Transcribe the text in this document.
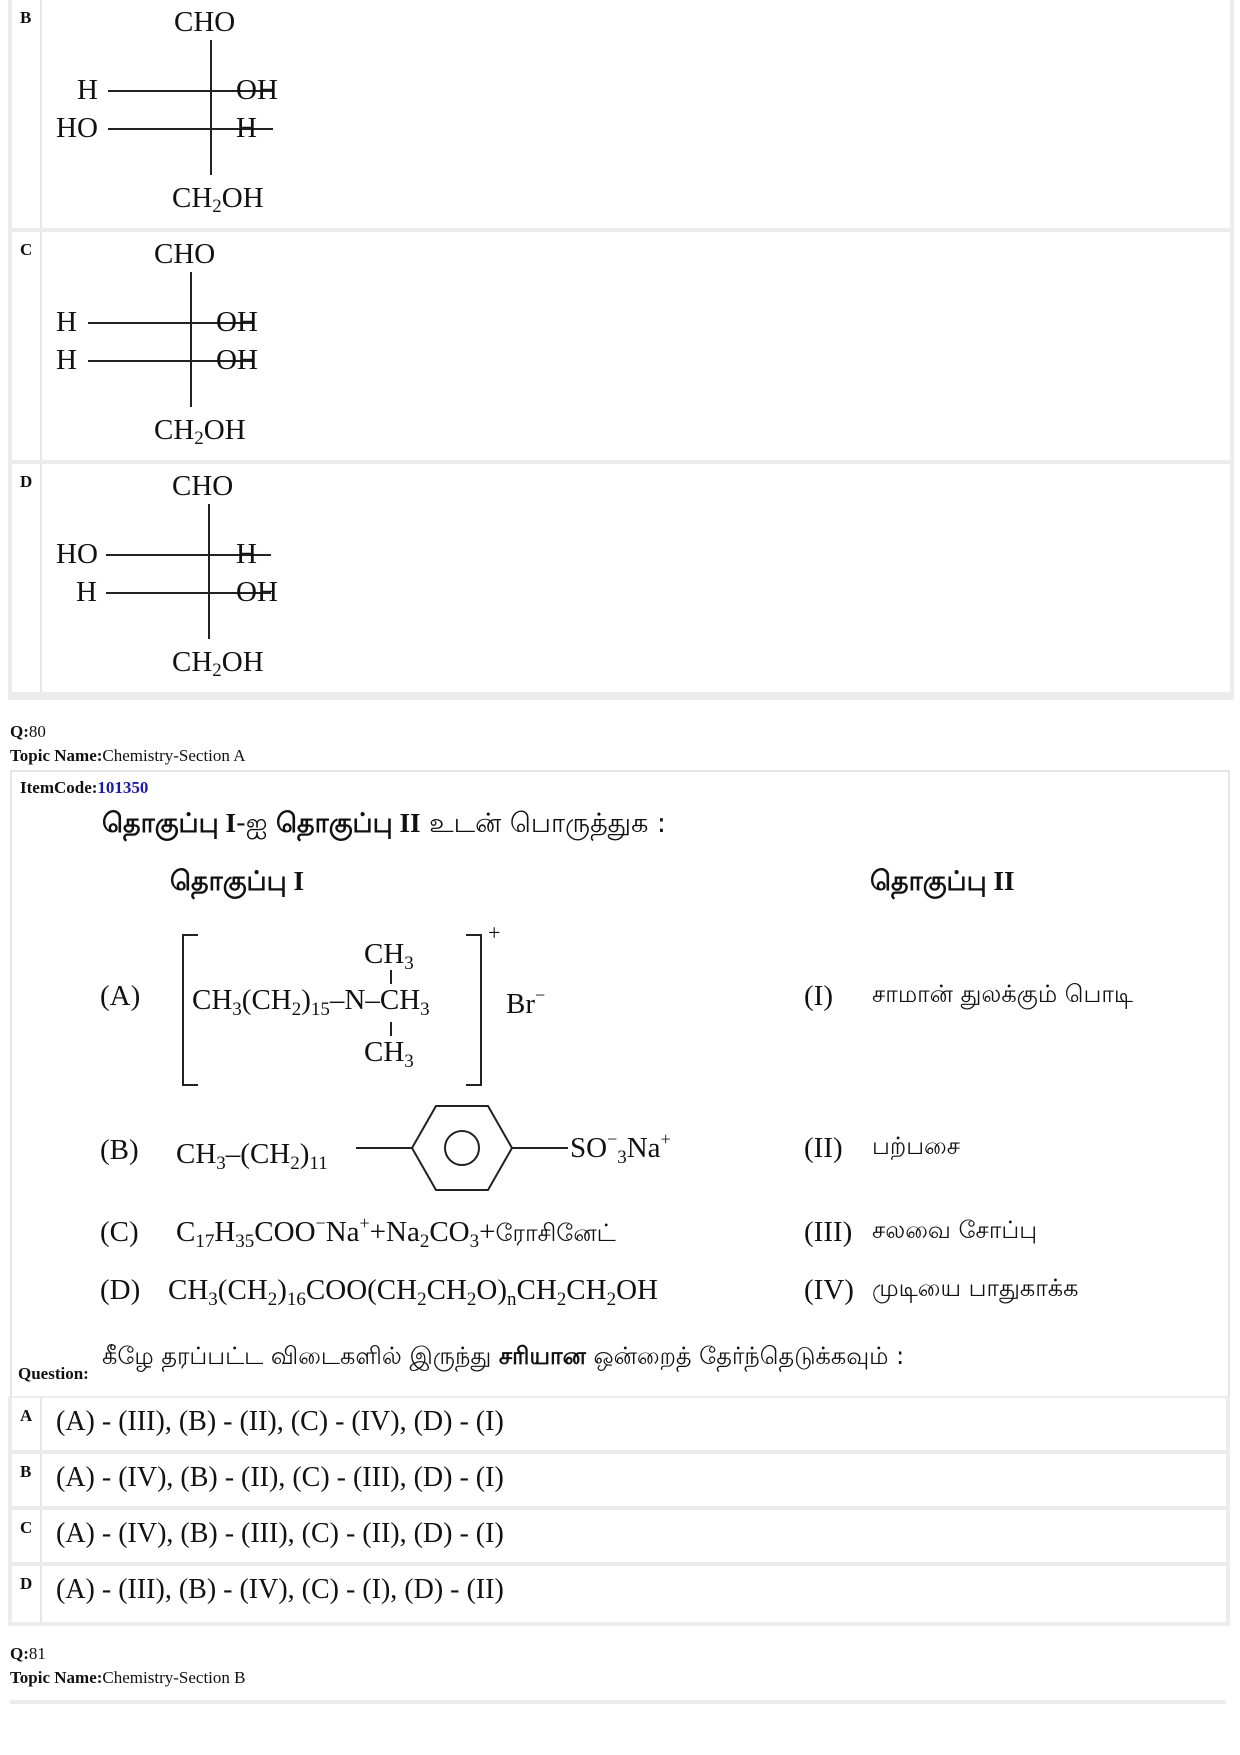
B	CHO
H	OH
HO	H
$CH_2OH$
C	CHO
H	OH
H	OH
$CH_2OH$
D	CHO
HO	H
H	OH
$CH_2OH$
Q:80
Topic Name:Chemistry-Section A
ItemCode:101350
தொகுப்பு I-ஐ தொகுப்பு II உடன் பொருத்துக :
தொகுப்பு I	தொகுப்பு II
(A)
+
$CH_3$
$CH_3(CH_2)_{15}-N-CH_3$
$CH_3$
Br−	(I) சாமான் துலக்கும் பொடி
(B) $CH_3-(CH_2)_{11}$	$SO^-_3Na^+$	(II) பற்பசை
(C) $C_{17}H_{35}COO^-Na^++Na_2CO_3+ரோசினேட்$	(III) சலவை சோப்பு
(D) $CH_3(CH_2)_{16}COO(CH_2CH_2O)_nCH_2CH_2OH$	(IV) முடியை பாதுகாக்க
Question:
கீழே தரப்பட்ட விடைகளில் இருந்து சரியான ஒன்றைத் தேர்ந்தெடுக்கவும் :
A (A) - (III), (B) - (II), (C) - (IV), (D) - (I)
B (A) - (IV), (B) - (II), (C) - (III), (D) - (I)
C (A) - (IV), (B) - (III), (C) - (II), (D) - (I)
D (A) - (III), (B) - (IV), (C) - (I), (D) - (II)
Q:81
Topic Name:Chemistry-Section B
